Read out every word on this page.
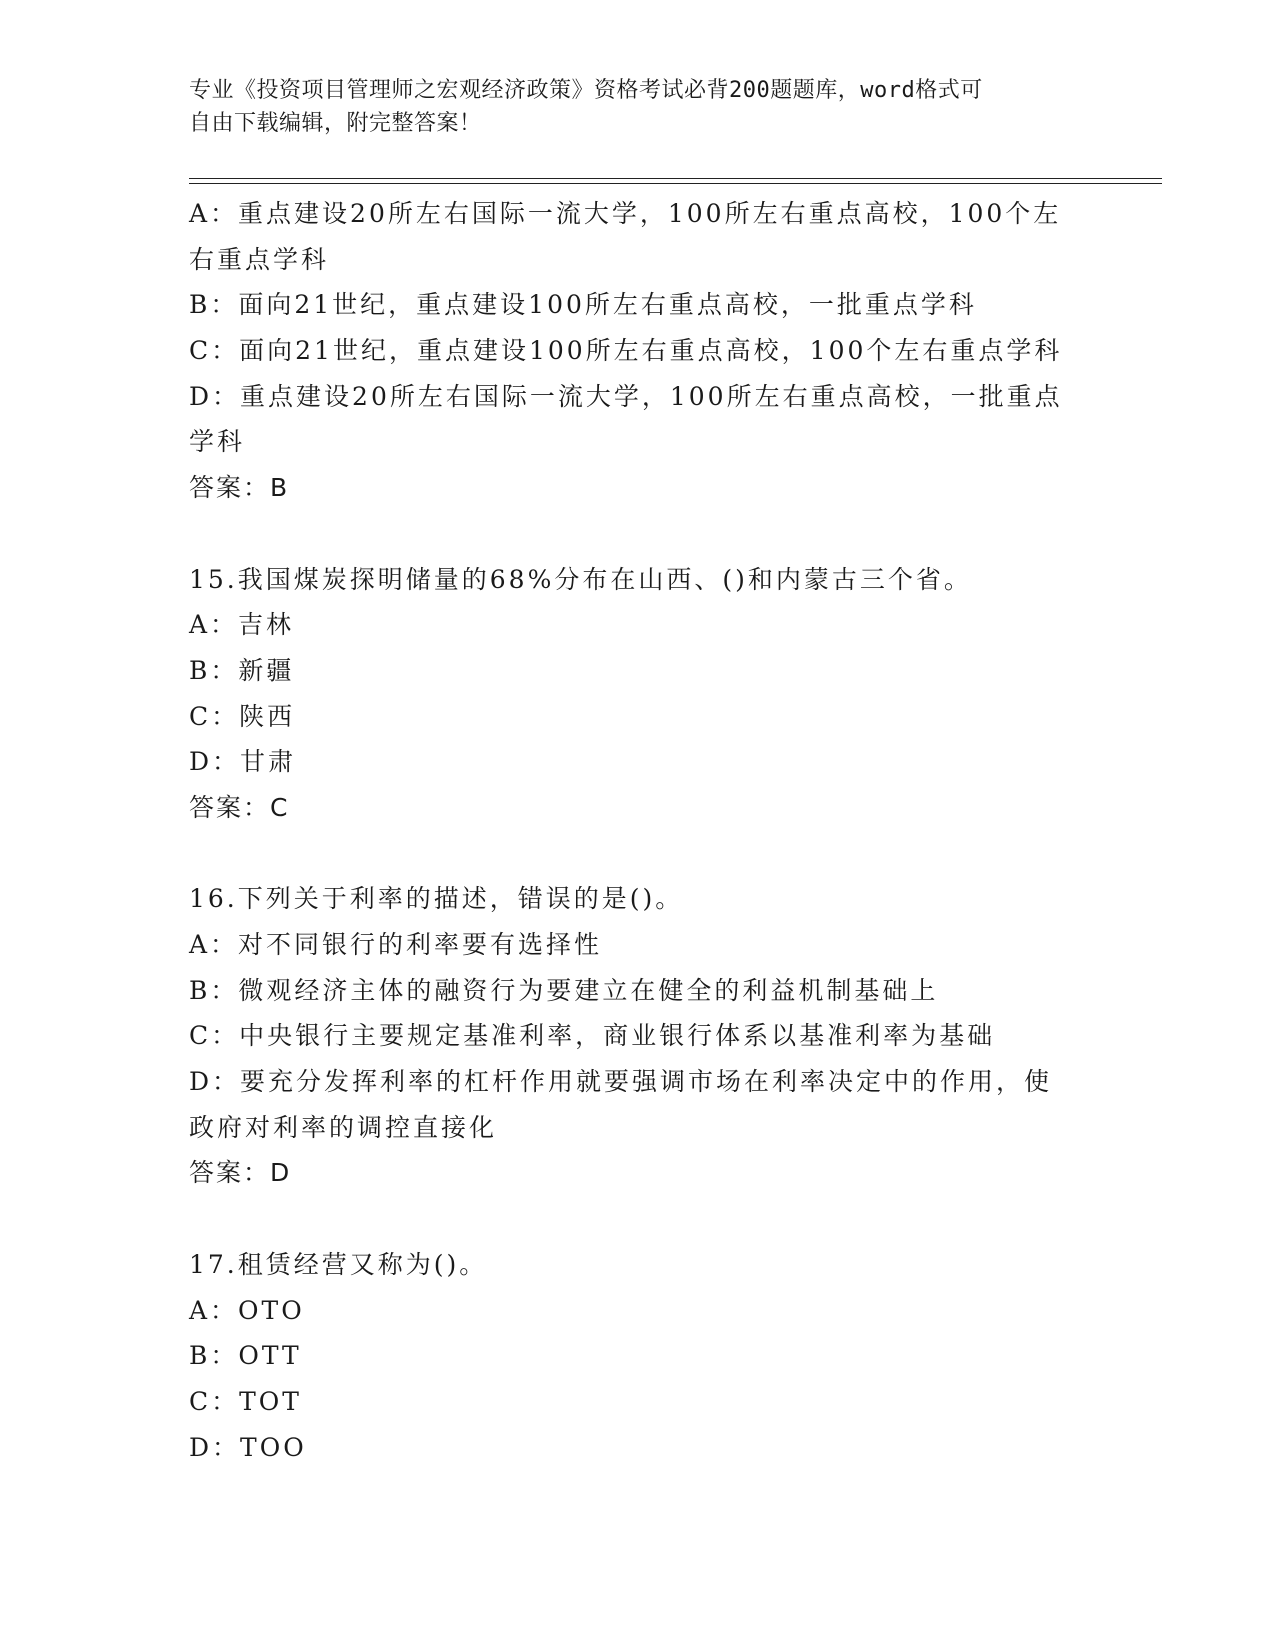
专业《投资项目管理师之宏观经济政策》资格考试必背200题题库，word格式可
自由下载编辑，附完整答案！
A：重点建设20所左右国际一流大学，100所左右重点高校，100个左
右重点学科
B：面向21世纪，重点建设100所左右重点高校，一批重点学科
C：面向21世纪，重点建设100所左右重点高校，100个左右重点学科
D：重点建设20所左右国际一流大学，100所左右重点高校，一批重点
学科
答案：B
15.我国煤炭探明储量的68%分布在山西、()和内蒙古三个省。
A：吉林
B：新疆
C：陕西
D：甘肃
答案：C
16.下列关于利率的描述，错误的是()。
A：对不同银行的利率要有选择性
B：微观经济主体的融资行为要建立在健全的利益机制基础上
C：中央银行主要规定基准利率，商业银行体系以基准利率为基础
D：要充分发挥利率的杠杆作用就要强调市场在利率决定中的作用，使
政府对利率的调控直接化
答案：D
17.租赁经营又称为()。
A：OTO
B：OTT
C：TOT
D：TOO
